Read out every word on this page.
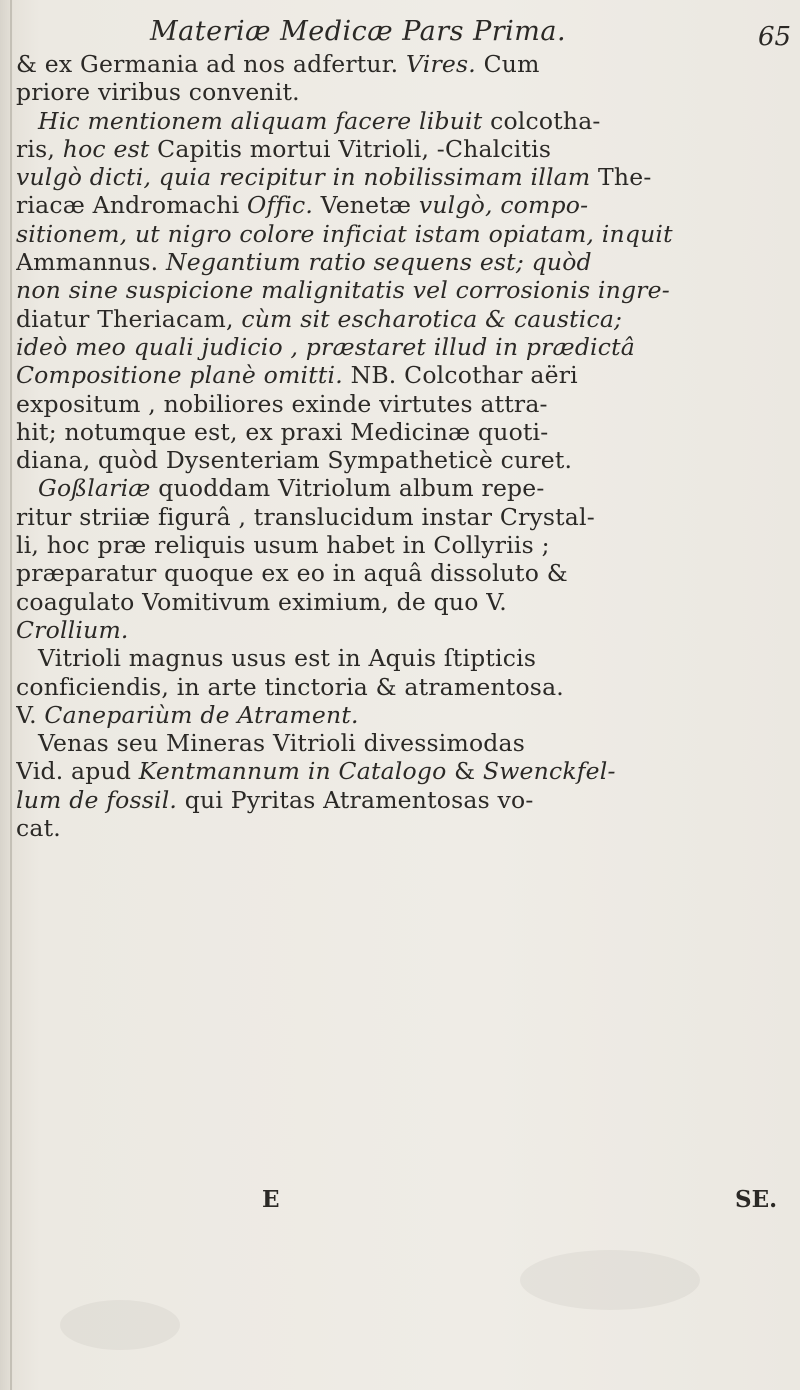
Materiæ Medicæ Pars Prima.	65
& ex Germania ad nos adfertur. Vires. Cum
priore viribus convenit.
Hic mentionem aliquam facere libuit colcotha-
ris, hoc est Capitis mortui Vitrioli, -Chalcitis
vulgò dicti, quia recipitur in nobilissimam illam The-
riacæ Andromachi Offic. Venetæ vulgò, compo-
sitionem, ut nigro colore inficiat istam opiatam, inquit
Ammannus. Negantium ratio sequens est; quòd
non sine suspicione malignitatis vel corrosionis ingre-
diatur Theriacam, cùm sit escharotica & caustica;
ideò meo quali judicio , præstaret illud in prædictâ
Compositione planè omitti. NB. Colcothar aëri
expositum , nobiliores exinde virtutes attra-
hit; notumque est, ex praxi Medicinæ quoti-
diana, quòd Dysenteriam Sympatheticè curet.
Goßlariæ quoddam Vitriolum album repe-
ritur striiæ figurâ , translucidum instar Crystal-
li, hoc præ reliquis usum habet in Collyriis ;
præparatur quoque ex eo in aquâ dissoluto &
coagulato Vomitivum eximium, de quo V.
Crollium.
Vitrioli magnus usus est in Aquis ſtipticis
conficiendis, in arte tinctoria & atramentosa.
V. Canepariùm de Atrament.
Venas seu Mineras Vitrioli divessimodas
Vid. apud Kentmannum in Catalogo & Swenckfel-
lum de fossil. qui Pyritas Atramentosas vo-
cat.
E	SE.
